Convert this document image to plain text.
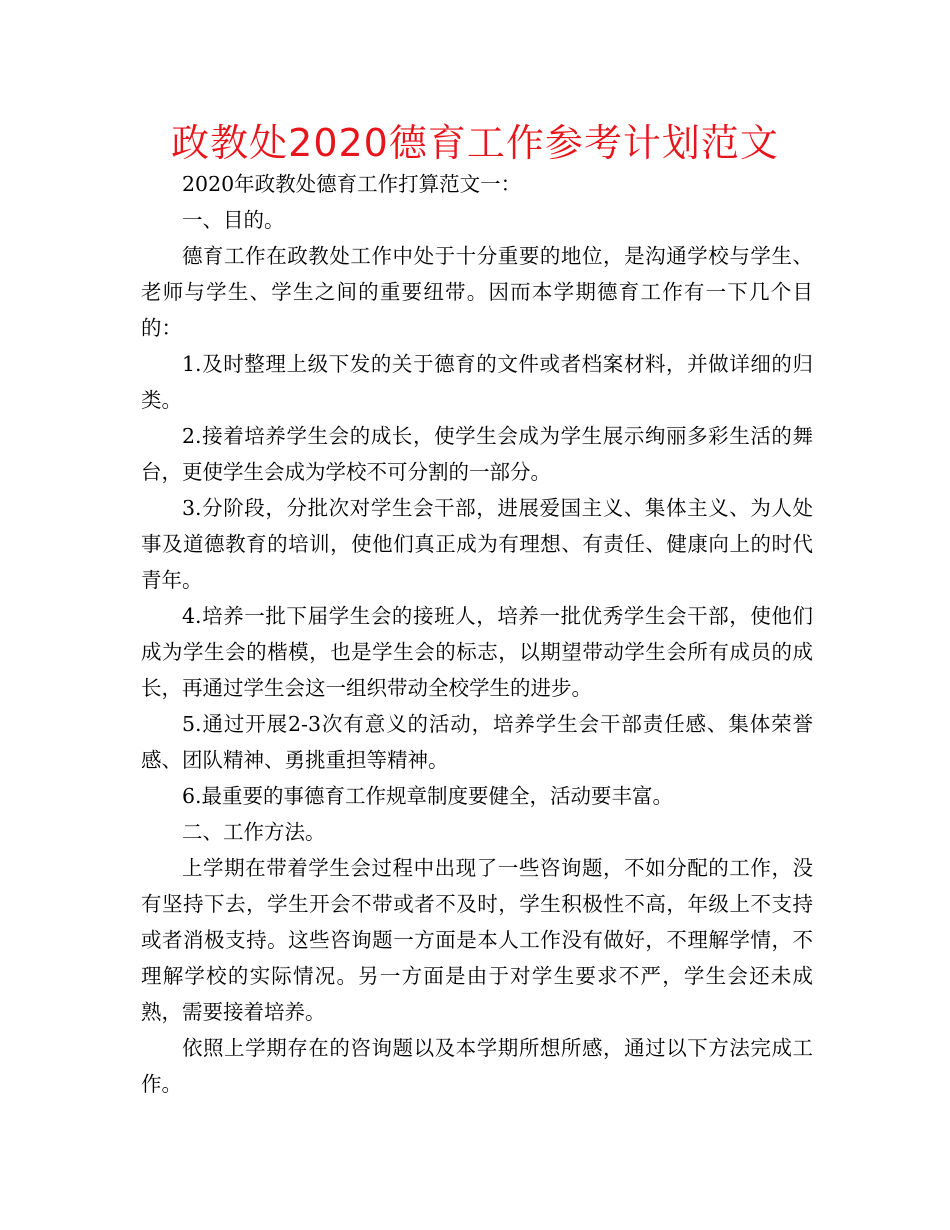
政教处2020德育工作参考计划范文

2020年政教处德育工作打算范文一：

一、目的。

德育工作在政教处工作中处于十分重要的地位，是沟通学校与学生、老师与学生、学生之间的重要纽带。因而本学期德育工作有一下几个目的：

1.及时整理上级下发的关于德育的文件或者档案材料，并做详细的归类。

2.接着培养学生会的成长，使学生会成为学生展示绚丽多彩生活的舞台，更使学生会成为学校不可分割的一部分。

3.分阶段，分批次对学生会干部，进展爱国主义、集体主义、为人处事及道德教育的培训，使他们真正成为有理想、有责任、健康向上的时代青年。

4.培养一批下届学生会的接班人，培养一批优秀学生会干部，使他们成为学生会的楷模，也是学生会的标志，以期望带动学生会所有成员的成长，再通过学生会这一组织带动全校学生的进步。

5.通过开展2-3次有意义的活动，培养学生会干部责任感、集体荣誉感、团队精神、勇挑重担等精神。

6.最重要的事德育工作规章制度要健全，活动要丰富。

二、工作方法。

上学期在带着学生会过程中出现了一些咨询题，不如分配的工作，没有坚持下去，学生开会不带或者不及时，学生积极性不高，年级上不支持或者消极支持。这些咨询题一方面是本人工作没有做好，不理解学情，不理解学校的实际情况。另一方面是由于对学生要求不严，学生会还未成熟，需要接着培养。

依照上学期存在的咨询题以及本学期所想所感，通过以下方法完成工作。
